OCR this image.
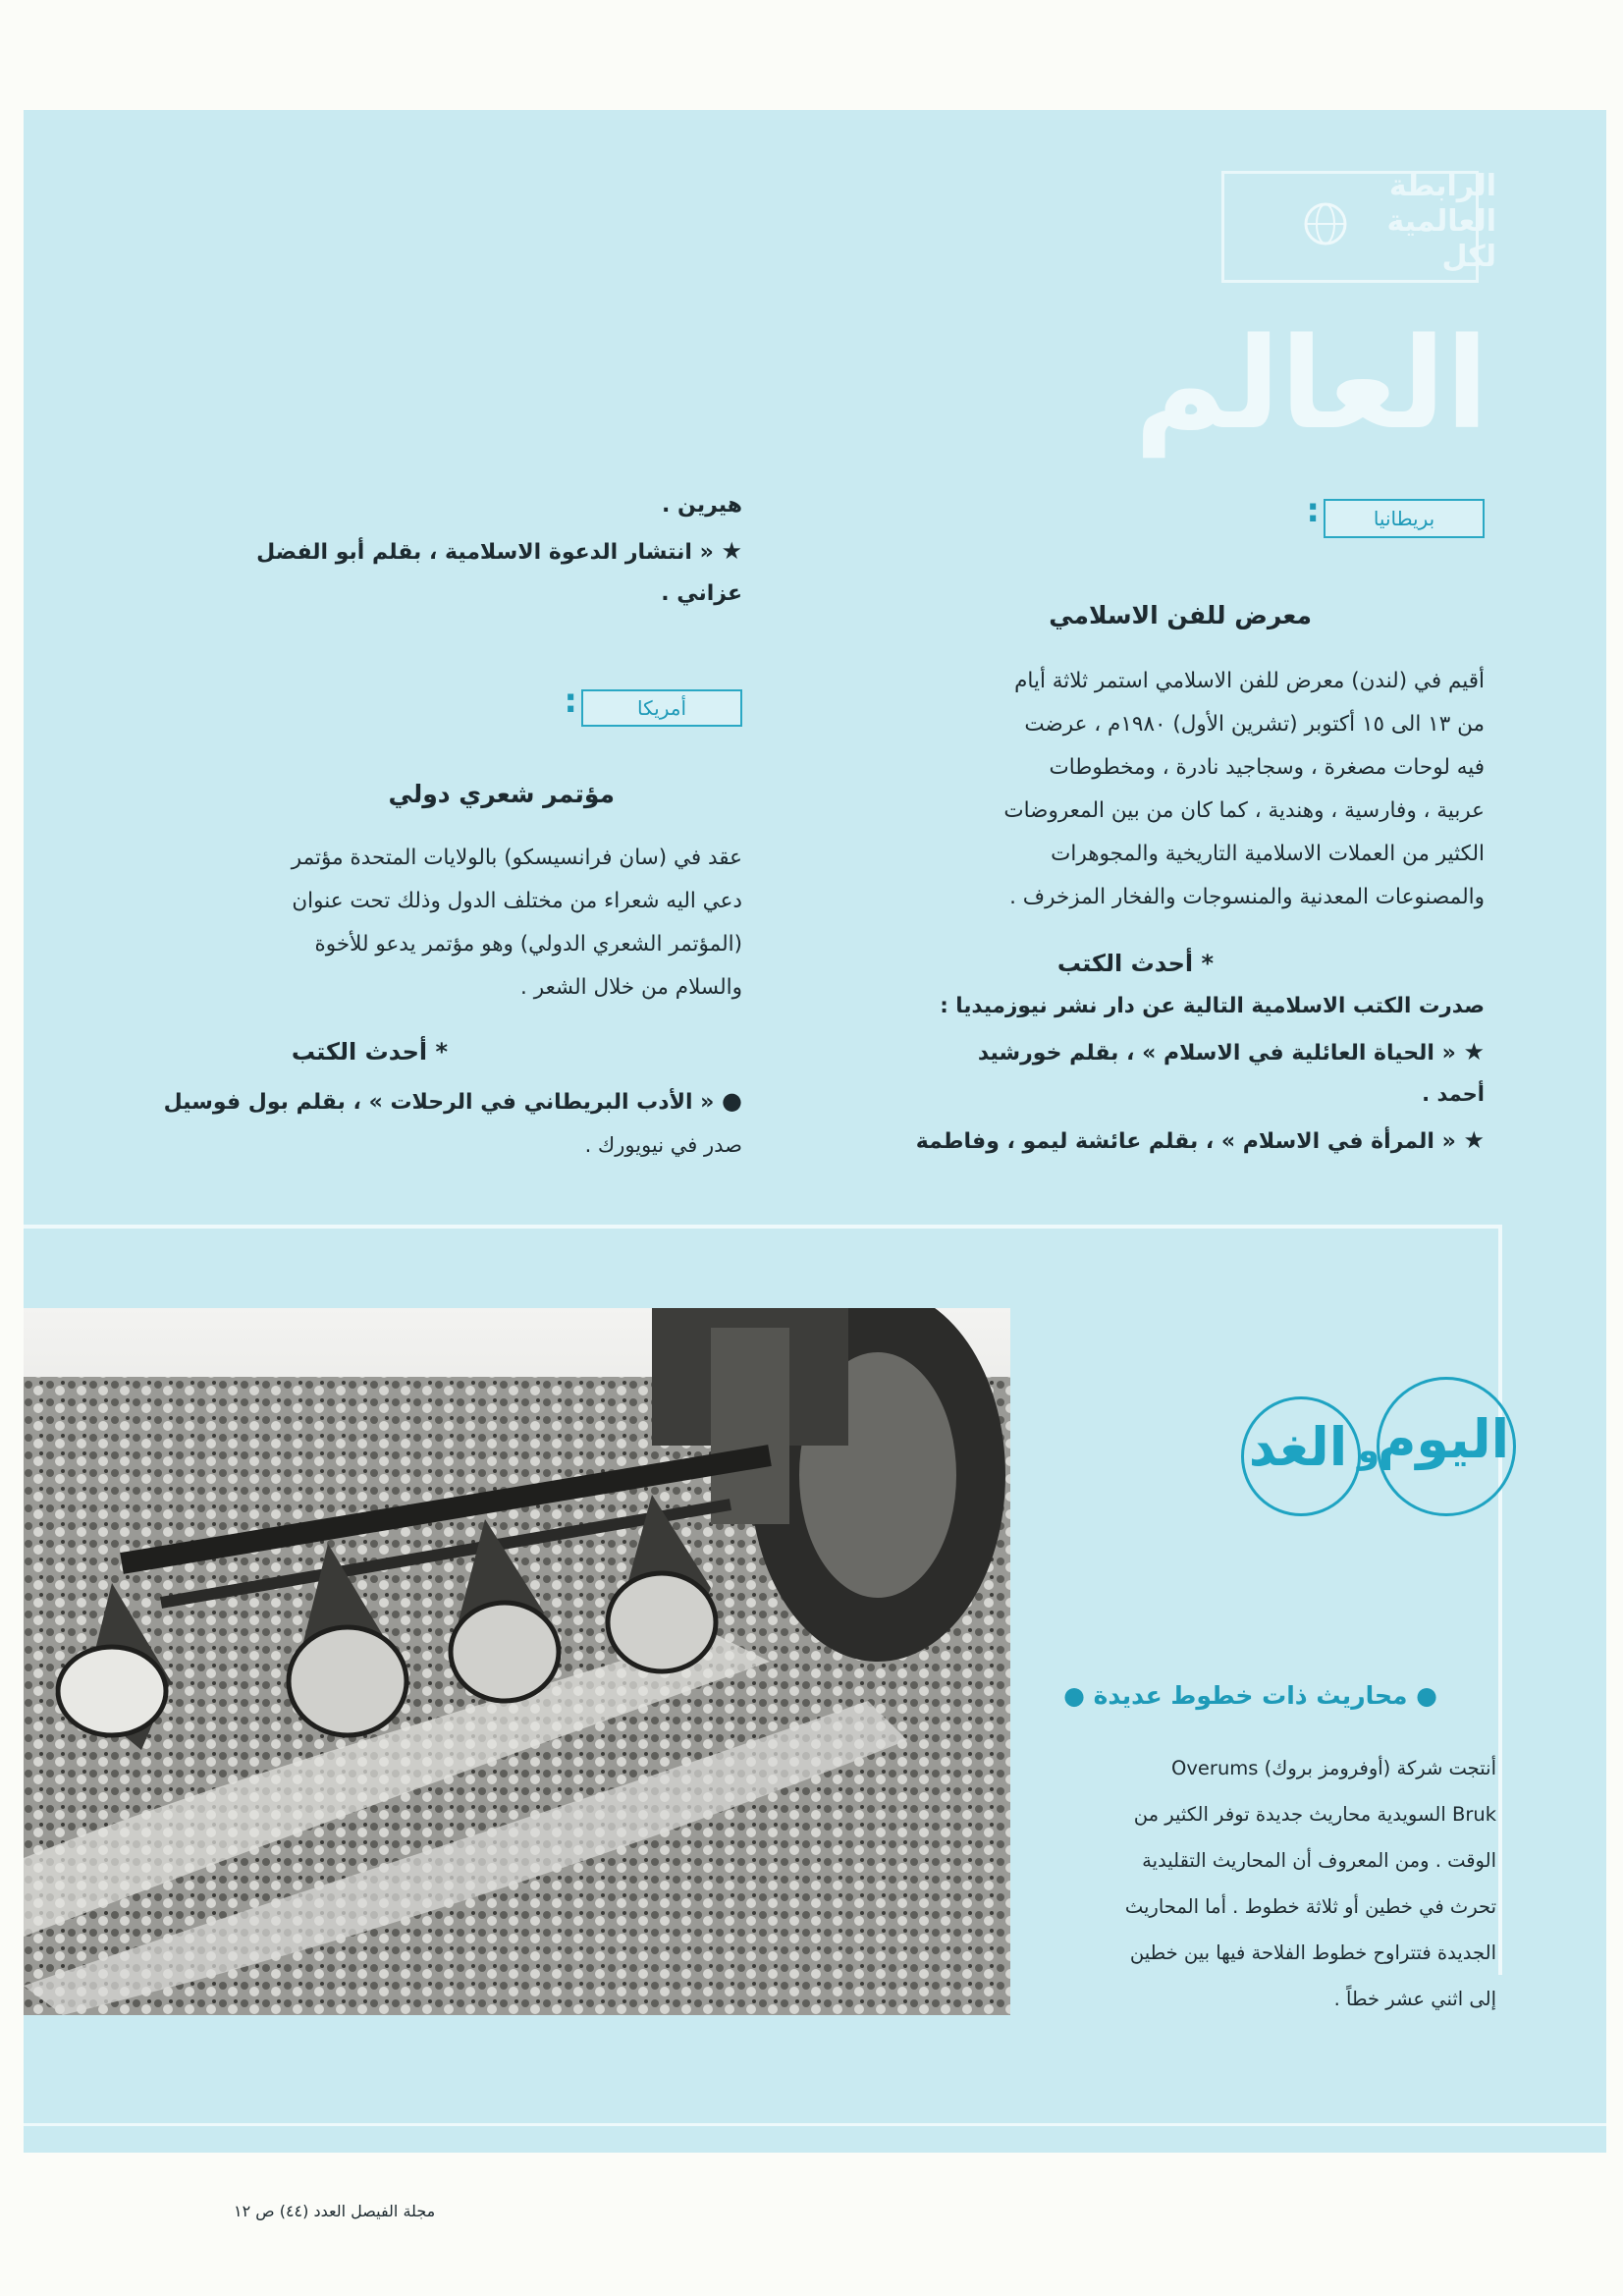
الرابطة
العالمية
لكل
العالم
بريطانيا
:
معرض للفن الاسلامي
أقيم في (لندن) معرض للفن الاسلامي استمر ثلاثة أيام
من ١٣ الى ١٥ أكتوبر (تشرين الأول) ١٩٨٠م ، عرضت
فيه لوحات مصغرة ، وسجاجيد نادرة ، ومخطوطات
عربية ، وفارسية ، وهندية ، كما كان من بين المعروضات
الكثير من العملات الاسلامية التاريخية والمجوهرات
والمصنوعات المعدنية والمنسوجات والفخار المزخرف .
* أحدث الكتب
صدرت الكتب الاسلامية التالية عن دار نشر نيوزميديا :
★ « الحياة العائلية في الاسلام » ، بقلم خورشيد
أحمد .
★ « المرأة في الاسلام » ، بقلم عائشة ليمو ، وفاطمة
هيرين .
★ « انتشار الدعوة الاسلامية ، بقلم أبو الفضل
عزاني .
أمريكا
:
مؤتمر شعري دولي
عقد في (سان فرانسيسكو) بالولايات المتحدة مؤتمر
دعي اليه شعراء من مختلف الدول وذلك تحت عنوان
(المؤتمر الشعري الدولي) وهو مؤتمر يدعو للأخوة
والسلام من خلال الشعر .
* أحدث الكتب
● « الأدب البريطاني في الرحلات » ، بقلم بول فوسيل
صدر في نيويورك .
الغد و
اليوم
● محاريث ذات خطوط عديدة ●
أنتجت شركة (أوفرومز بروك) Overums
Bruk السويدية محاريث جديدة توفر الكثير من
الوقت . ومن المعروف أن المحاريث التقليدية
تحرث في خطين أو ثلاثة خطوط . أما المحاريث
الجديدة فتتراوح خطوط الفلاحة فيها بين خطين
إلى اثني عشر خطاً .
مجلة الفيصل العدد (٤٤) ص ١٢
